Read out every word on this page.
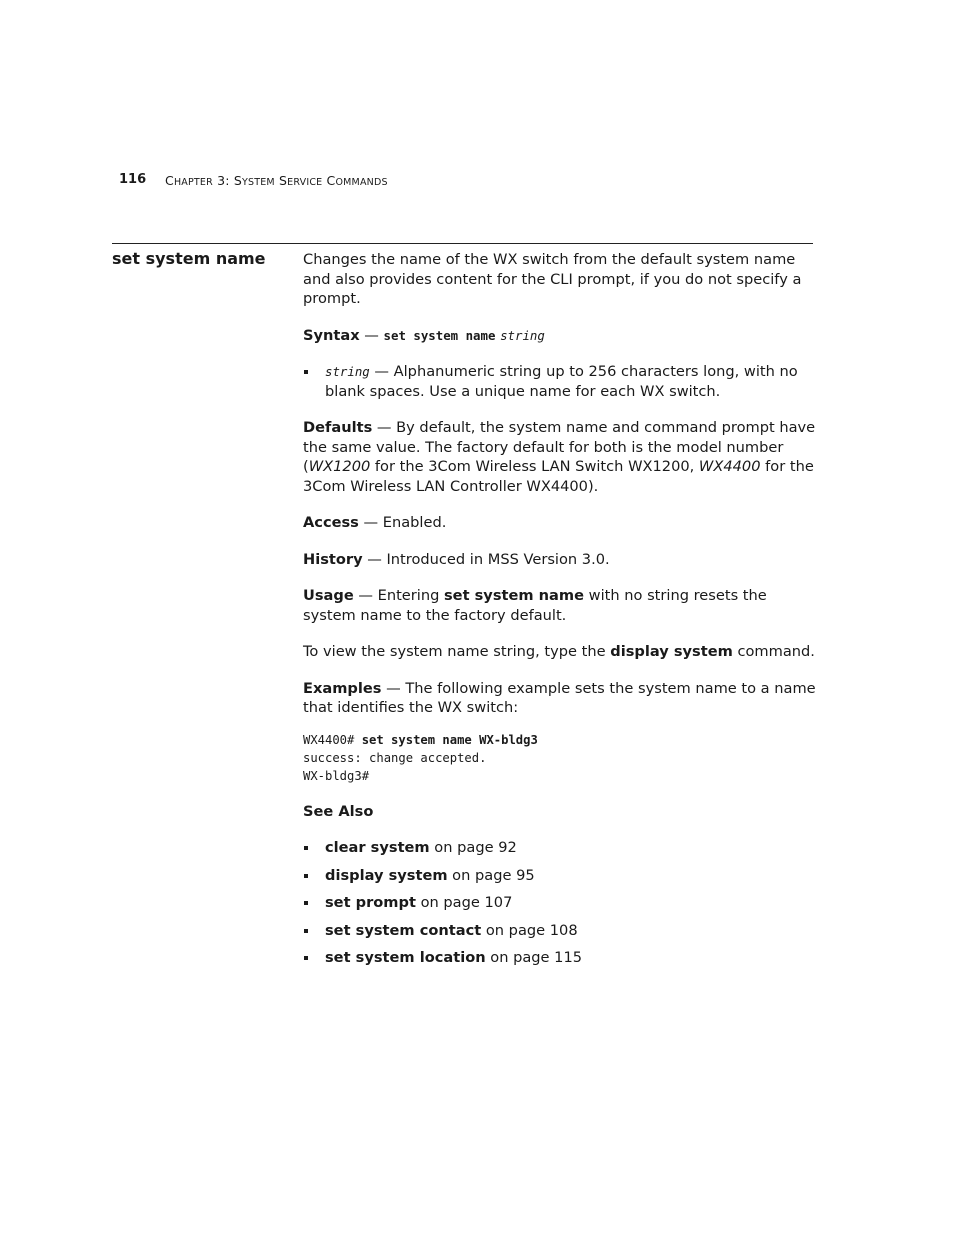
116 CHAPTER 3: SYSTEM SERVICE COMMANDS
set system name	Changes the name of the WX switch from the default system name and also provides content for the CLI prompt, if you do not specify a prompt.

Syntax — set system name string

string — Alphanumeric string up to 256 characters long, with no blank spaces. Use a unique name for each WX switch.

Defaults — By default, the system name and command prompt have the same value. The factory default for both is the model number (WX1200 for the 3Com Wireless LAN Switch WX1200, WX4400 for the 3Com Wireless LAN Controller WX4400).

Access — Enabled.

History — Introduced in MSS Version 3.0.

Usage — Entering set system name with no string resets the system name to the factory default.

To view the system name string, type the display system command.

Examples — The following example sets the system name to a name that identifies the WX switch:

WX4400# set system name WX-bldg3
success: change accepted.
WX-bldg3#

See Also

clear system on page 92
display system on page 95
set prompt on page 107
set system contact on page 108
set system location on page 115
